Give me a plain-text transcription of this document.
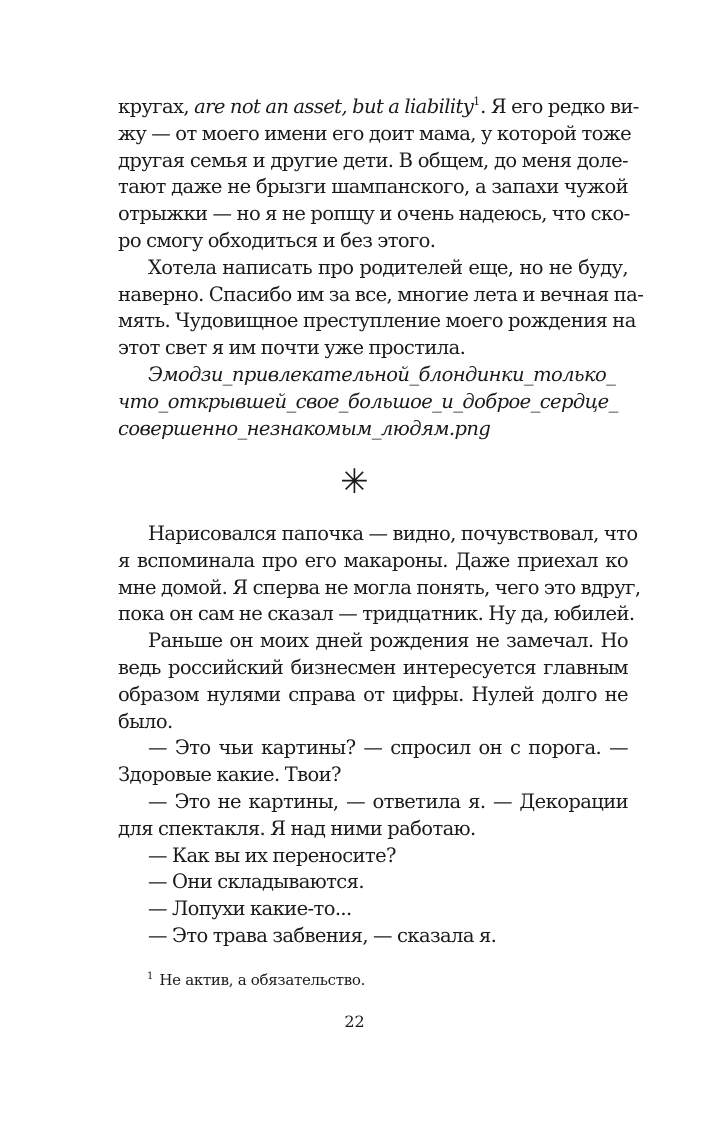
кругах, are not an asset, but a liability$^1$. Я его редко ви-
жу — от моего имени его доит мама, у которой тоже
другая семья и другие дети. В общем, до меня доле-
тают даже не брызги шампанского, а запахи чужой
отрыжки — но я не ропщу и очень надеюсь, что ско-
ро смогу обходиться и без этого.
Хотела написать про родителей еще, но не буду,
наверно. Спасибо им за все, многие лета и вечная па-
мять. Чудовищное преступление моего рождения на
этот свет я им почти уже простила.
Эмодзи_привлекательной_блондинки_только_
что_открывшей_свое_большое_и_доброе_сердце_
совершенно_незнакомым_людям.png
✳
Нарисовался папочка — видно, почувствовал, что
я вспоминала про его макароны. Даже приехал ко
мне домой. Я сперва не могла понять, чего это вдруг,
пока он сам не сказал — тридцатник. Ну да, юбилей.
Раньше он моих дней рождения не замечал. Но
ведь российский бизнесмен интересуется главным
образом нулями справа от цифры. Нулей долго не
было.
— Это чьи картины? — спросил он с порога. —
Здоровые какие. Твои?
— Это не картины, — ответила я. — Декорации
для спектакля. Я над ними работаю.
— Как вы их переносите?
— Они складываются.
— Лопухи какие-то...
— Это трава забвения, — сказала я.
$^1$ Не актив, а обязательство.
22
